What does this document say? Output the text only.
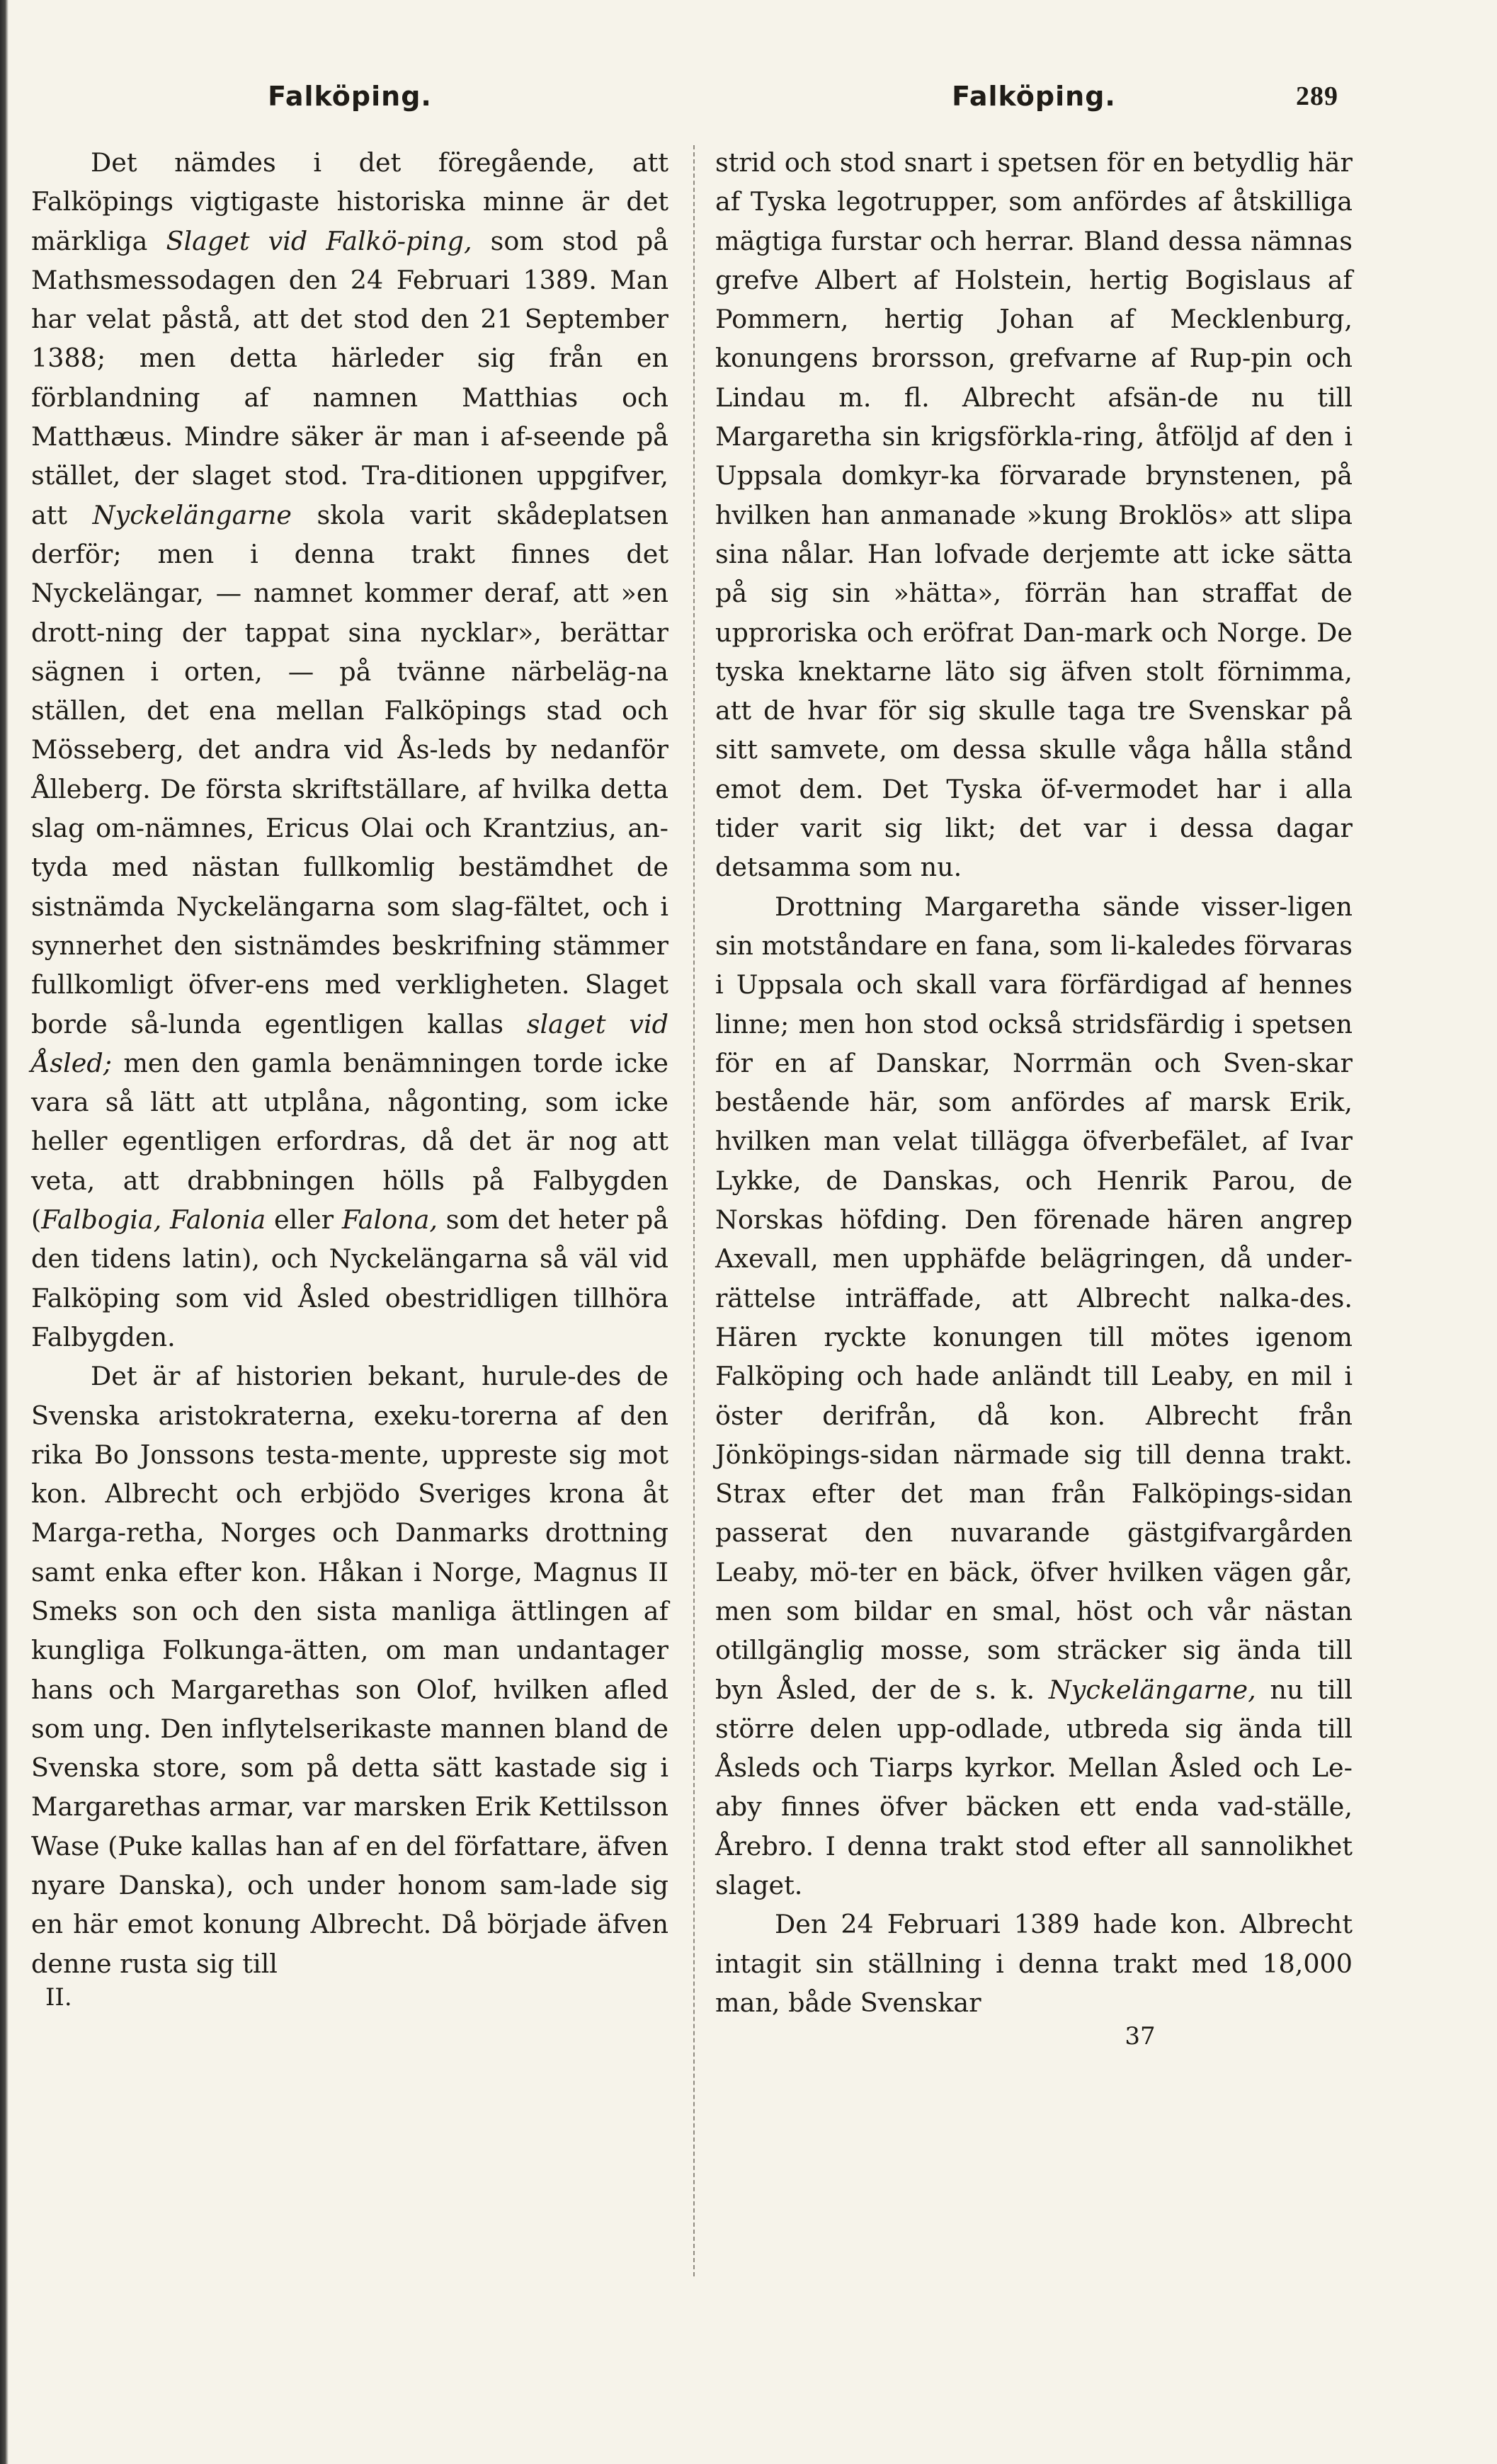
Falköping.

Det nämdes i det föregående, att Falköpings vigtigaste historiska minne är det märkliga Slaget vid Falkö-ping, som stod på Mathsmessodagen den 24 Februari 1389. Man har velat påstå, att det stod den 21 September 1388; men detta härleder sig från en förblandning af namnen Matthias och Matthæus. Mindre säker är man i af-seende på stället, der slaget stod. Tra-ditionen uppgifver, att Nyckelängarne skola varit skådeplatsen derför; men i denna trakt finnes det Nyckelängar, — namnet kommer deraf, att »en drott-ning der tappat sina nycklar», berättar sägnen i orten, — på tvänne närbeläg-na ställen, det ena mellan Falköpings stad och Mösseberg, det andra vid Ås-leds by nedanför Ålleberg. De första skriftställare, af hvilka detta slag om-nämnes, Ericus Olai och Krantzius, an-tyda med nästan fullkomlig bestämdhet de sistnämda Nyckelängarna som slag-fältet, och i synnerhet den sistnämdes beskrifning stämmer fullkomligt öfver-ens med verkligheten. Slaget borde så-lunda egentligen kallas slaget vid Åsled; men den gamla benämningen torde icke vara så lätt att utplåna, någonting, som icke heller egentligen erfordras, då det är nog att veta, att drabbningen hölls på Falbygden (Falbogia, Falonia eller Falona, som det heter på den tidens latin), och Nyckelängarna så väl vid Falköping som vid Åsled obestridligen tillhöra Falbygden.

Det är af historien bekant, hurule-des de Svenska aristokraterna, exeku-torerna af den rika Bo Jonssons testa-mente, uppreste sig mot kon. Albrecht och erbjödo Sveriges krona åt Marga-retha, Norges och Danmarks drottning samt enka efter kon. Håkan i Norge, Magnus II Smeks son och den sista manliga ättlingen af kungliga Folkunga-ätten, om man undantager hans och Margarethas son Olof, hvilken afled som ung. Den inflytelserikaste mannen bland de Svenska store, som på detta sätt kastade sig i Margarethas armar, var marsken Erik Kettilsson Wase (Puke kallas han af en del författare, äfven nyare Danska), och under honom sam-lade sig en här emot konung Albrecht. Då började äfven denne rusta sig till

II.
Falköping.	289

strid och stod snart i spetsen för en betydlig här af Tyska legotrupper, som anfördes af åtskilliga mägtiga furstar och herrar. Bland dessa nämnas grefve Albert af Holstein, hertig Bogislaus af Pommern, hertig Johan af Mecklenburg, konungens brorsson, grefvarne af Rup-pin och Lindau m. fl. Albrecht afsän-de nu till Margaretha sin krigsförkla-ring, åtföljd af den i Uppsala domkyr-ka förvarade brynstenen, på hvilken han anmanade »kung Broklös» att slipa sina nålar. Han lofvade derjemte att icke sätta på sig sin »hätta», förrän han straffat de upproriska och eröfrat Dan-mark och Norge. De tyska knektarne läto sig äfven stolt förnimma, att de hvar för sig skulle taga tre Svenskar på sitt samvete, om dessa skulle våga hålla stånd emot dem. Det Tyska öf-vermodet har i alla tider varit sig likt; det var i dessa dagar detsamma som nu.

Drottning Margaretha sände visser-ligen sin motståndare en fana, som li-kaledes förvaras i Uppsala och skall vara förfärdigad af hennes linne; men hon stod också stridsfärdig i spetsen för en af Danskar, Norrmän och Sven-skar bestående här, som anfördes af marsk Erik, hvilken man velat tillägga öfverbefälet, af Ivar Lykke, de Danskas, och Henrik Parou, de Norskas höfding. Den förenade hären angrep Axevall, men upphäfde belägringen, då under-rättelse inträffade, att Albrecht nalka-des. Hären ryckte konungen till mötes igenom Falköping och hade anländt till Leaby, en mil i öster derifrån, då kon. Albrecht från Jönköpings-sidan närmade sig till denna trakt. Strax efter det man från Falköpings-sidan passerat den nuvarande gästgifvargården Leaby, mö-ter en bäck, öfver hvilken vägen går, men som bildar en smal, höst och vår nästan otillgänglig mosse, som sträcker sig ända till byn Åsled, der de s. k. Nyckelängarne, nu till större delen upp-odlade, utbreda sig ända till Åsleds och Tiarps kyrkor. Mellan Åsled och Le-aby finnes öfver bäcken ett enda vad-ställe, Årebro. I denna trakt stod efter all sannolikhet slaget.

Den 24 Februari 1389 hade kon. Albrecht intagit sin ställning i denna trakt med 18,000 man, både Svenskar

37
